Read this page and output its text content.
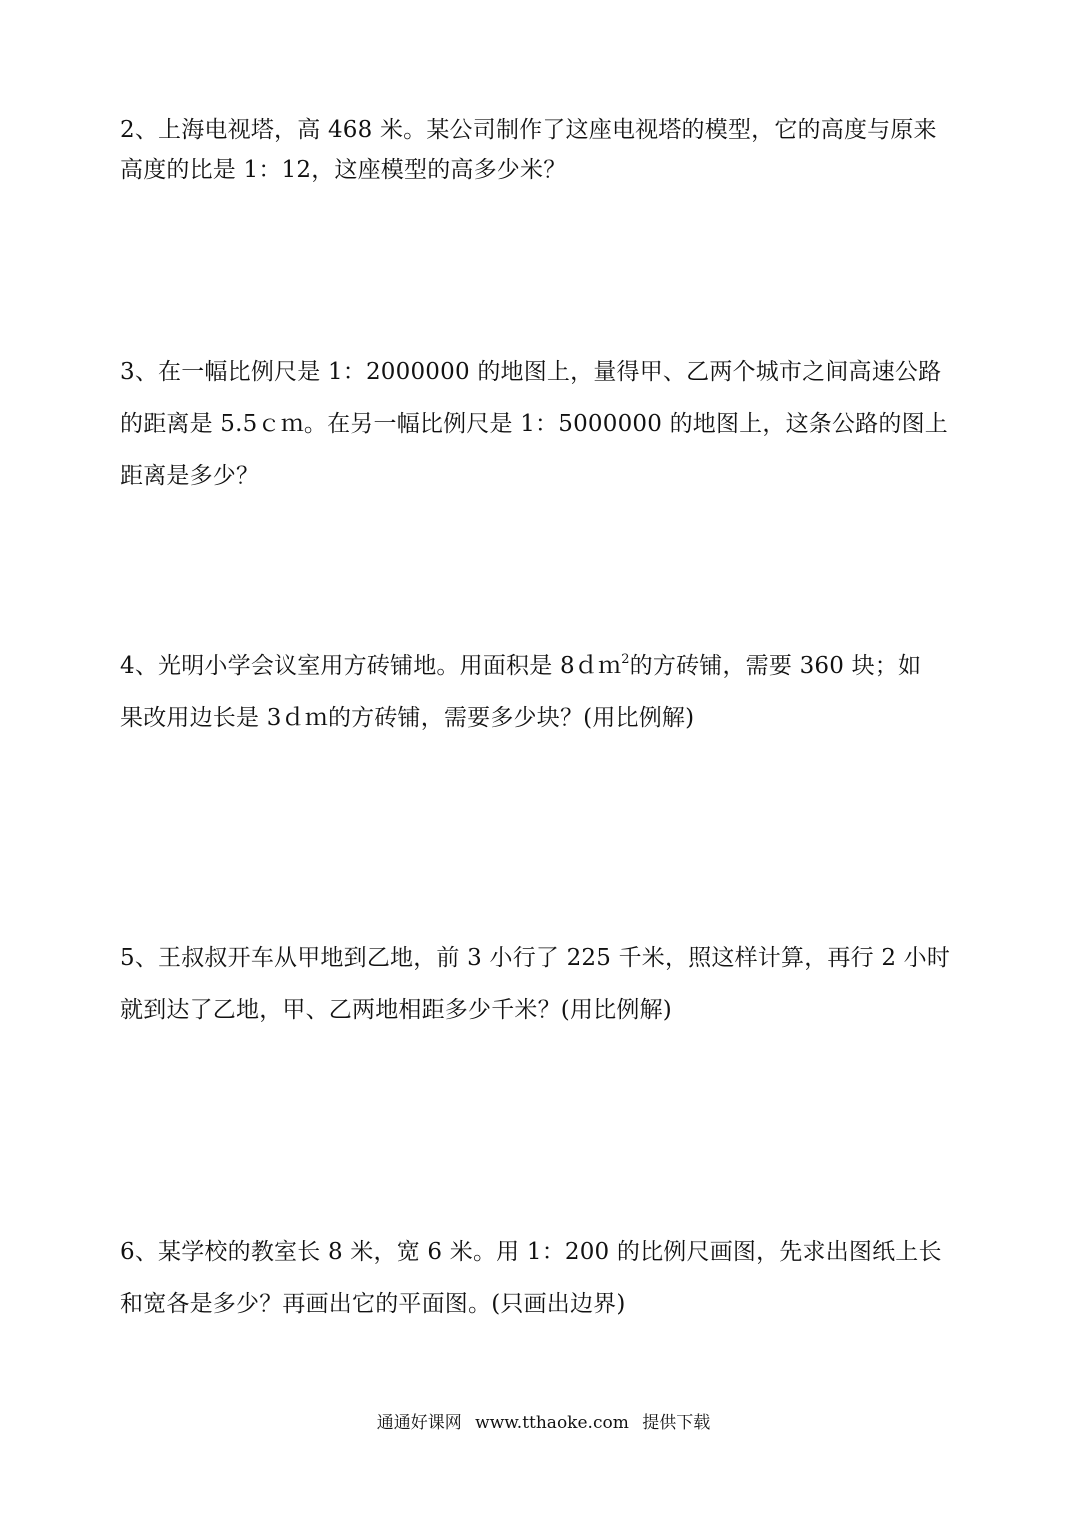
2、上海电视塔，高 468 米。某公司制作了这座电视塔的模型，它的高度与原来
高度的比是 1：12，这座模型的高多少米？
3、在一幅比例尺是 1：2000000 的地图上，量得甲、乙两个城市之间高速公路
的距离是 5.5ｃｍ。在另一幅比例尺是 1：5000000 的地图上，这条公路的图上
距离是多少？
4、光明小学会议室用方砖铺地。用面积是 8ｄｍ$^2$的方砖铺，需要 360 块；如
果改用边长是 3ｄｍ的方砖铺，需要多少块？(用比例解)
5、王叔叔开车从甲地到乙地，前 3 小行了 225 千米，照这样计算，再行 2 小时
就到达了乙地，甲、乙两地相距多少千米？(用比例解)
6、某学校的教室长 8 米，宽 6 米。用 1：200 的比例尺画图，先求出图纸上长
和宽各是多少？再画出它的平面图。(只画出边界)
通通好课网 www.tthaoke.com 提供下载
